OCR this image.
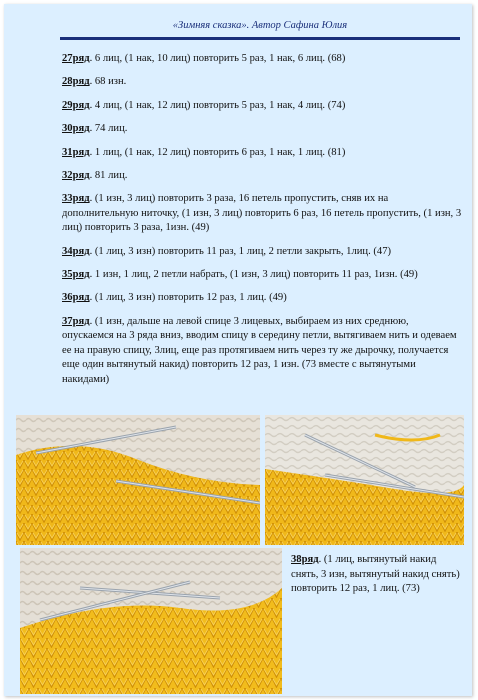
«Зимняя сказка». Автор Сафина Юлия

27ряд. 6 лиц, (1 нак, 10 лиц) повторить 5 раз, 1 нак, 6 лиц. (68)

28ряд. 68 изн.

29ряд. 4 лиц, (1 нак, 12 лиц) повторить 5 раз, 1 нак, 4 лиц. (74)

30ряд. 74 лиц.

31ряд. 1 лиц, (1 нак, 12 лиц) повторить 6 раз, 1 нак, 1 лиц. (81)

32ряд. 81 лиц.

33ряд. (1 изн, 3 лиц) повторить 3 раза, 16 петель пропустить, сняв их на дополнительную ниточку, (1 изн, 3 лиц) повторить 6 раз, 16 петель пропустить, (1 изн, 3 лиц) повторить 3 раза, 1изн. (49)

34ряд. (1 лиц, 3 изн) повторить 11 раз, 1 лиц, 2 петли закрыть, 1лиц. (47)

35ряд. 1 изн, 1 лиц, 2 петли набрать, (1 изн, 3 лиц) повторить 11 раз, 1изн. (49)

36ряд. (1 лиц, 3 изн) повторить 12 раз, 1 лиц. (49)

37ряд. (1 изн, дальше на левой спице 3 лицевых, выбираем из них среднюю, опускаемся на 3 ряда вниз, вводим спицу в середину петли, вытягиваем нить и одеваем ее на правую спицу, 3лиц, еще раз протягиваем нить через ту же дырочку, получается еще один вытянутый накид) повторить 12 раз, 1 изн. (73 вместе с вытянутыми накидами)

38ряд. (1 лиц, вытянутый накид снять, 3 изн, вытянутый накид снять) повторить 12 раз, 1 лиц. (73)
